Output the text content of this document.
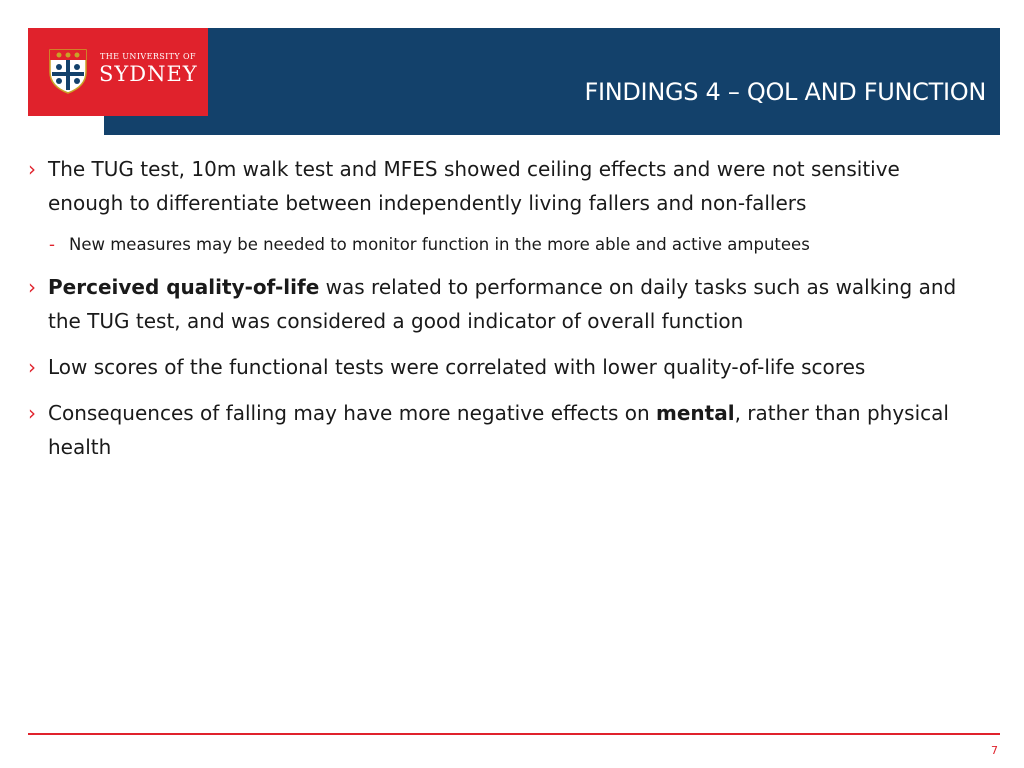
FINDINGS 4 – QOL AND FUNCTION
THE UNIVERSITY OF
SYDNEY
› The TUG test, 10m walk test and MFES showed ceiling effects and were not sensitive enough to differentiate between independently living fallers and non-fallers
- New measures may be needed to monitor function in the more able and active amputees
› Perceived quality-of-life was related to performance on daily tasks such as walking and the TUG test, and was considered a good indicator of overall function
› Low scores of the functional tests were correlated with lower quality-of-life scores
› Consequences of falling may have more negative effects on mental, rather than physical health
7
